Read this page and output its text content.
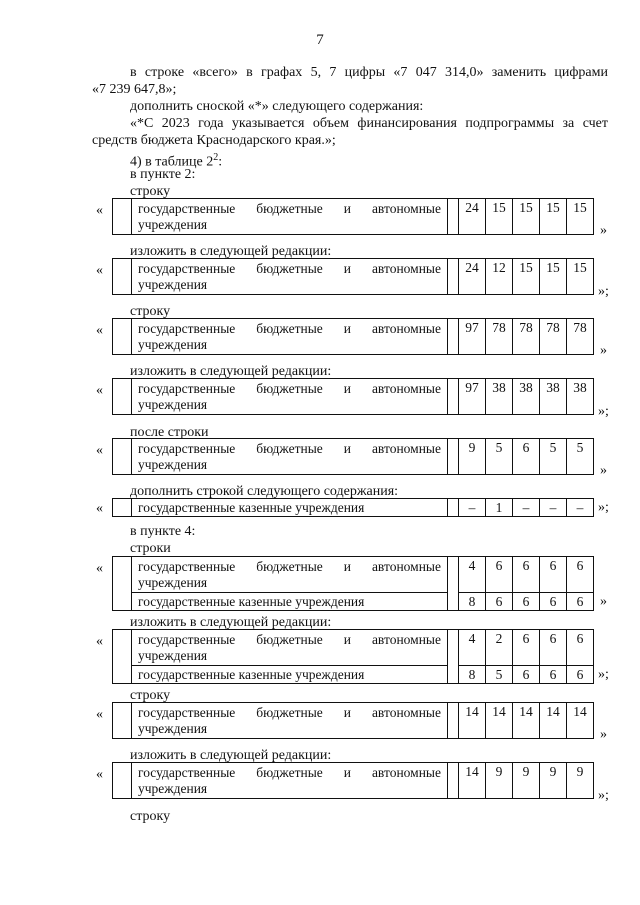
7
в строке «всего» в графах 5, 7 цифры «7 047 314,0» заменить цифрами
«7 239 647,8»;
дополнить сноской «*» следующего содержания:
«*С 2023 года указывается объем финансирования подпрограммы за счет
средств бюджета Краснодарского края.»;
4) в таблице $2^2$:
в пункте 2:
строку
«
		государственные бюджетные и автономные учреждения		24	15	15	15	15
»
изложить в следующей редакции:
«
		государственные бюджетные и автономные учреждения		24	12	15	15	15
»;
строку
«
		государственные бюджетные и автономные учреждения		97	78	78	78	78
»
изложить в следующей редакции:
«
		государственные бюджетные и автономные учреждения		97	38	38	38	38
»;
после строки
«
		государственные бюджетные и автономные учреждения		9	5	6	5	5
»
дополнить строкой следующего содержания:
«
		государственные казенные учреждения		–	1	–	–	– »;
в пункте 4:
строки
«
		государственные бюджетные и автономные учреждения		4	6	6	6	6
	государственные казенные учреждения		8	6	6	6	6 »
изложить в следующей редакции:
«
		государственные бюджетные и автономные учреждения		4	2	6	6	6
	государственные казенные учреждения		8	5	6	6	6 »;
строку
«
		государственные бюджетные и автономные учреждения		14	14	14	14	14
»
изложить в следующей редакции:
«
		государственные бюджетные и автономные учреждения		14	9	9	9	9
»;
строку
